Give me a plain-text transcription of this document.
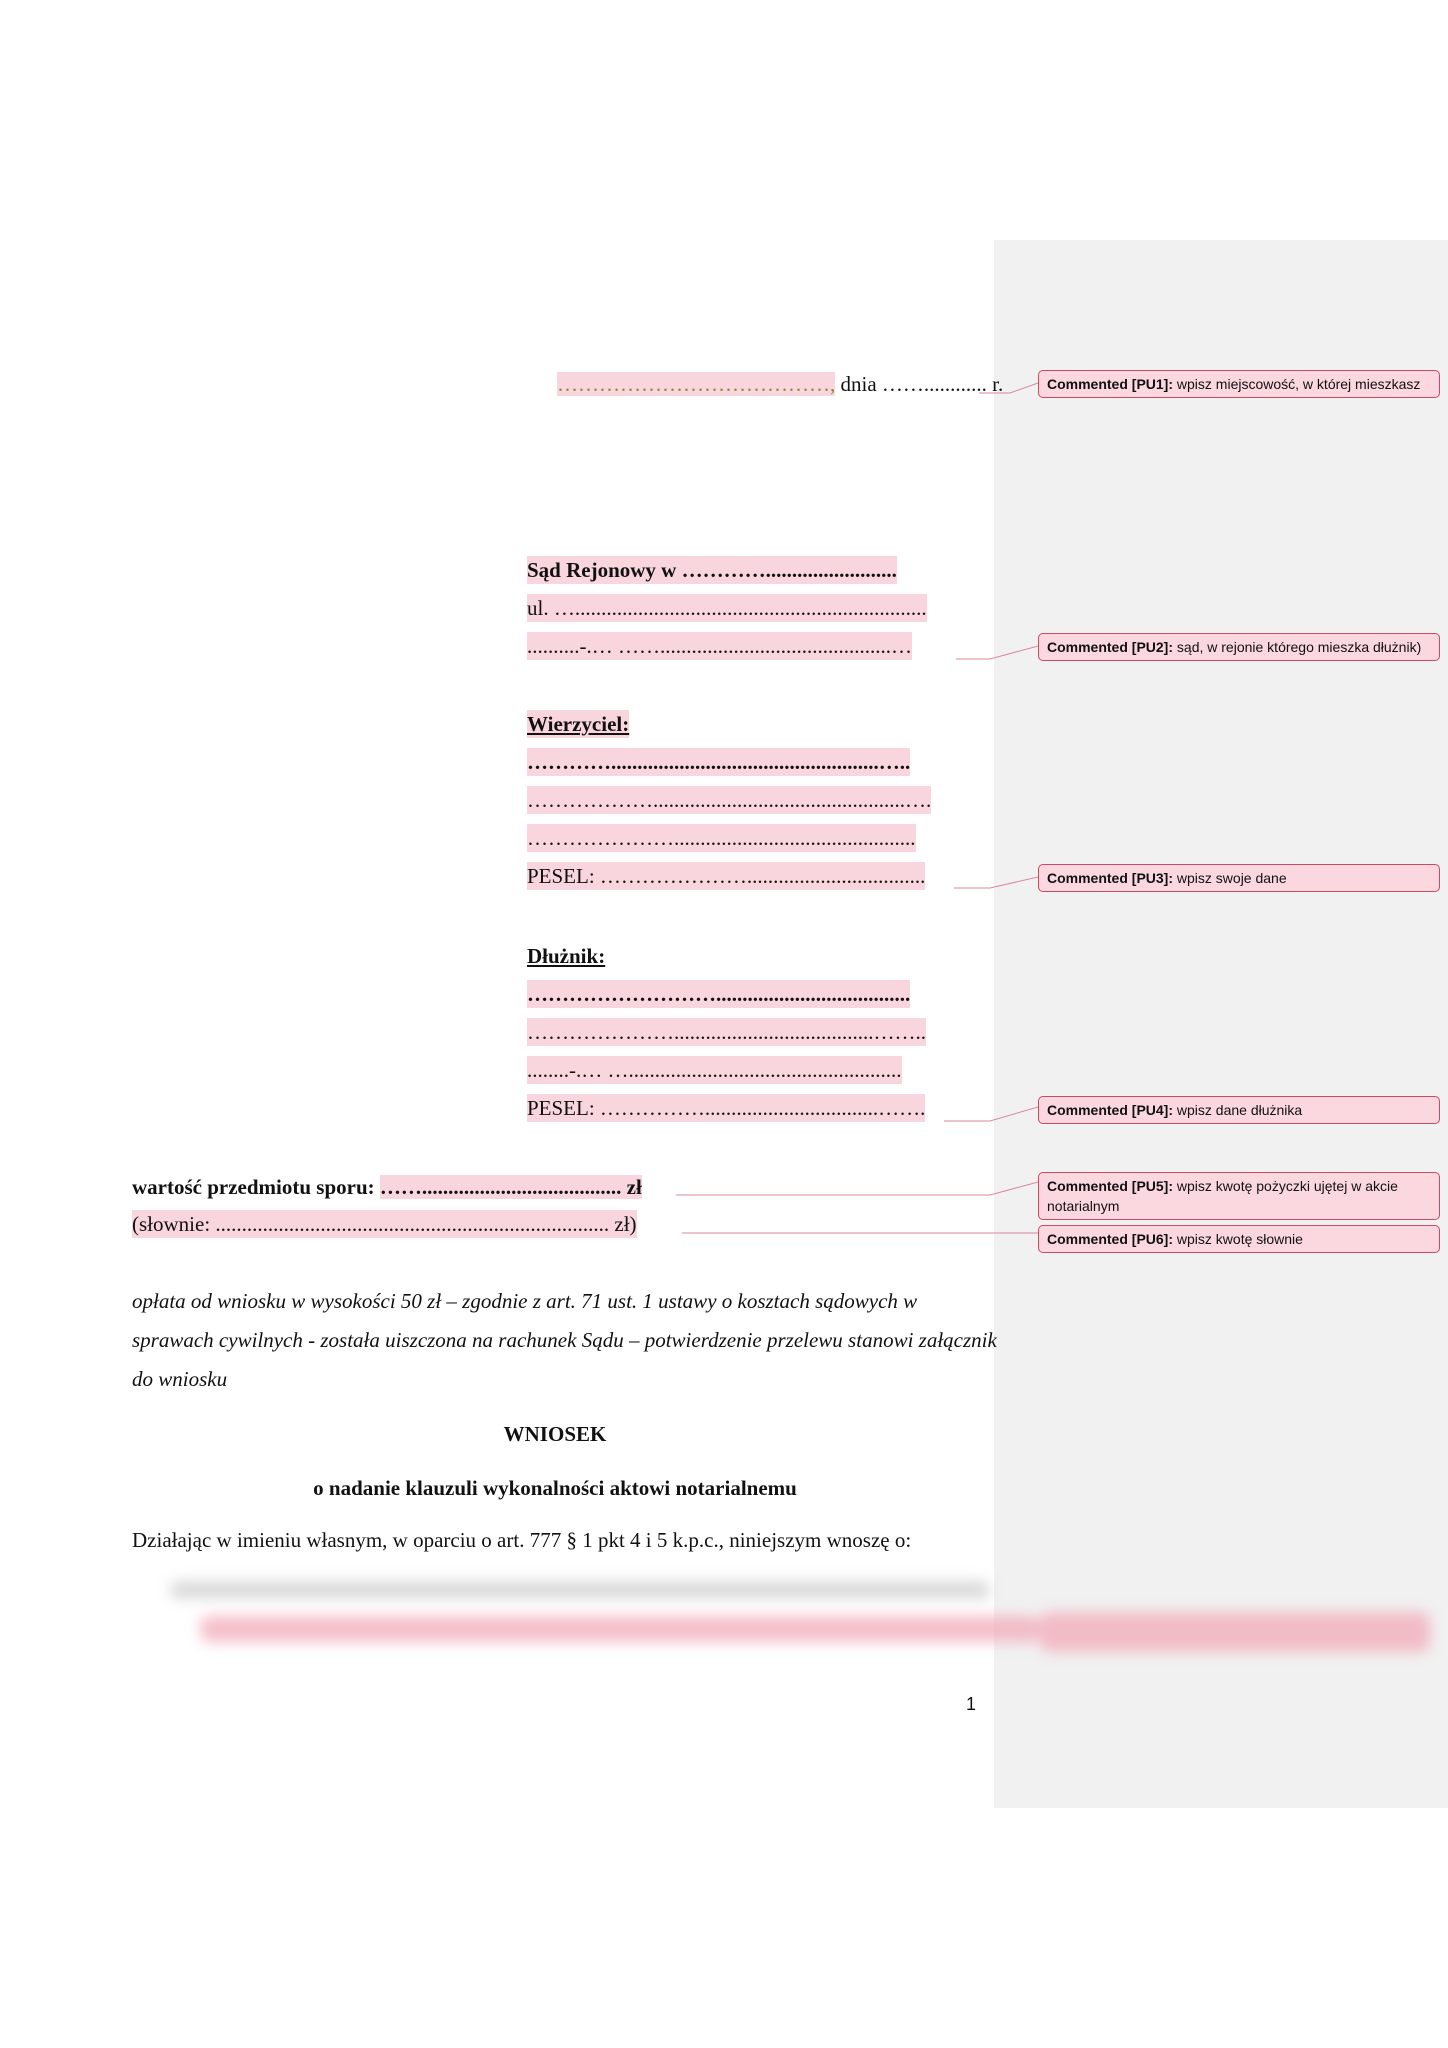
…………………………………, dnia ……............ r.
Sąd Rejonowy w ………….........................
ul. …...................................................................
..........-.… ……............................................…
Wierzyciel:
…………...................................................…..
………………................................................….
…………………..............................................
PESEL: …………………..................................
Dłużnik:
……………………….....................................
…………………......................................……..
........-.… …....................................................
PESEL: …………….................................…….
wartość przedmiotu sporu: ……...................................... zł
(słownie: ........................................................................... zł)
opłata od wniosku w wysokości 50 zł – zgodnie z art. 71 ust. 1 ustawy o kosztach sądowych w sprawach cywilnych - została uiszczona na rachunek Sądu – potwierdzenie przelewu stanowi załącznik do wniosku
WNIOSEK
o nadanie klauzuli wykonalności aktowi notarialnemu
Działając w imieniu własnym, w oparciu o art. 777 § 1 pkt 4 i 5 k.p.c., niniejszym wnoszę o:
1
Commented [PU1]: wpisz miejscowość, w której mieszkasz
Commented [PU2]: sąd, w rejonie którego mieszka dłużnik)
Commented [PU3]: wpisz swoje dane
Commented [PU4]: wpisz dane dłużnika
Commented [PU5]: wpisz kwotę pożyczki ujętej w akcie notarialnym
Commented [PU6]: wpisz kwotę słownie
